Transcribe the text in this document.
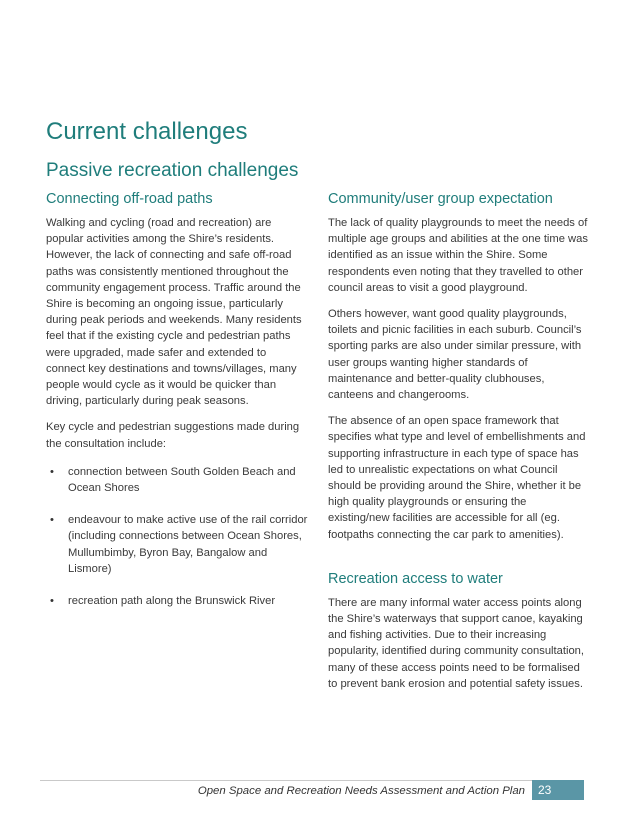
Current challenges
Passive recreation challenges
Connecting off-road paths

Walking and cycling (road and recreation) are popular activities among the Shire’s residents. However, the lack of connecting and safe off-road paths was consistently mentioned throughout the community engagement process. Traffic around the Shire is becoming an ongoing issue, particularly during peak periods and weekends. Many residents feel that if the existing cycle and pedestrian paths were upgraded, made safer and extended to connect key destinations and towns/villages, many people would cycle as it would be quicker than driving, particularly during peak seasons.

Key cycle and pedestrian suggestions made during the consultation include:

• connection between South Golden Beach and Ocean Shores
• endeavour to make active use of the rail corridor (including connections between Ocean Shores, Mullumbimby, Byron Bay, Bangalow and Lismore)
• recreation path along the Brunswick River
Community/user group expectation

The lack of quality playgrounds to meet the needs of multiple age groups and abilities at the one time was identified as an issue within the Shire. Some respondents even noting that they travelled to other council areas to visit a good playground.

Others however, want good quality playgrounds, toilets and picnic facilities in each suburb. Council’s sporting parks are also under similar pressure, with user groups wanting higher standards of maintenance and better-quality clubhouses, canteens and changerooms.

The absence of an open space framework that specifies what type and level of embellishments and supporting infrastructure in each type of space has led to unrealistic expectations on what Council should be providing around the Shire, whether it be high quality playgrounds or ensuring the existing/new facilities are accessible for all (eg. footpaths connecting the car park to amenities).

Recreation access to water

There are many informal water access points along the Shire’s waterways that support canoe, kayaking and fishing activities. Due to their increasing popularity, identified during community consultation, many of these access points need to be formalised to prevent bank erosion and potential safety issues.

Open Space and Recreation Needs Assessment and Action Plan	23
